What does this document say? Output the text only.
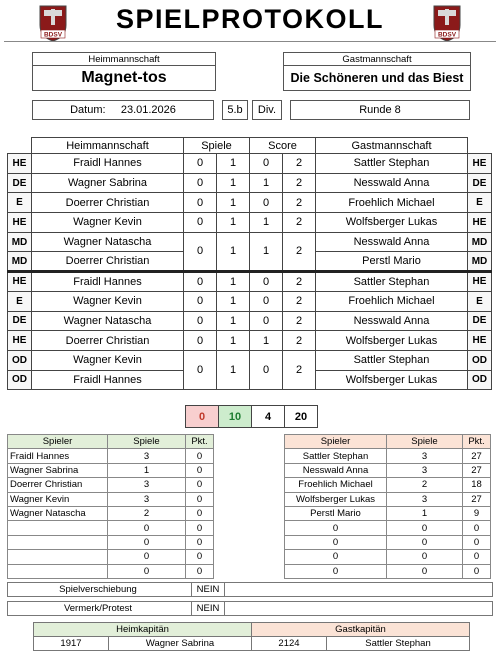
BDSV	BDSV
SPIELPROTOKOLL
Heimmannschaft
Magnet-tos
Gastmannschaft
Die Schöneren und das Biest
Datum: 23.01.2026	5.b	Div.	Runde 8
	Heimmannschaft	Spiele		Score		Gastmannschaft	
HE	Fraidl Hannes	0	1	0	2	Sattler Stephan	HE
DE	Wagner Sabrina	0	1	1	2	Nesswald Anna	DE
E	Doerrer Christian	0	1	0	2	Froehlich Michael	E
HE	Wagner Kevin	0	1	1	2	Wolfsberger Lukas	HE
MD	Wagner Natascha	0	1	1	2	Nesswald Anna	MD
MD	Doerrer Christian					Perstl Mario	MD
HE	Fraidl Hannes	0	1	0	2	Sattler Stephan	HE
E	Wagner Kevin	0	1	0	2	Froehlich Michael	E
DE	Wagner Natascha	0	1	0	2	Nesswald Anna	DE
HE	Doerrer Christian	0	1	1	2	Wolfsberger Lukas	HE
OD	Wagner Kevin	0	1	0	2	Sattler Stephan	OD
OD	Fraidl Hannes					Wolfsberger Lukas	OD
0	10	4	20
Spieler	Spiele	Pkt.
Fraidl Hannes	3	0
Wagner Sabrina	1	0
Doerrer Christian	3	0
Wagner Kevin	3	0
Wagner Natascha	2	0
	0	0
	0	0
	0	0
	0	0
Spieler	Spiele	Pkt.
Sattler Stephan	3	27
Nesswald Anna	3	27
Froehlich Michael	2	18
Wolfsberger Lukas	3	27
Perstl Mario	1	9
0	0	0
0	0	0
0	0	0
0	0	0
Spielverschiebung	NEIN
Vermerk/Protest	NEIN
Heimkapitän		Gastkapitän	
1917	Wagner Sabrina	2124	Sattler Stephan
